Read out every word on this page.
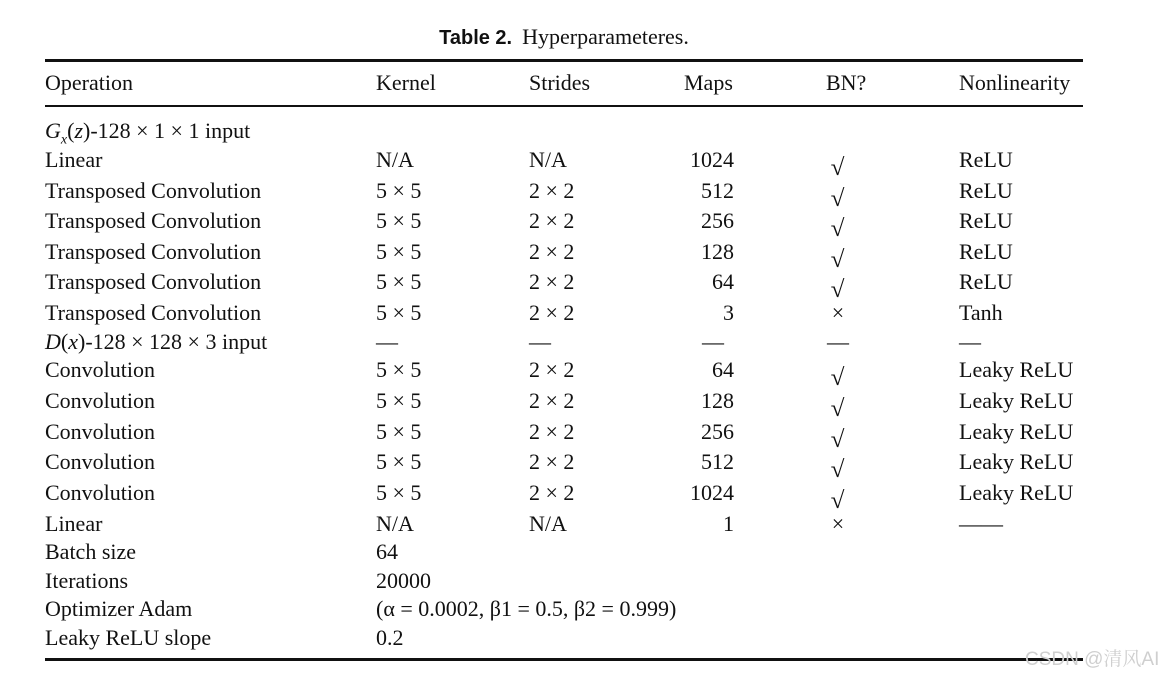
Table 2. Hyperparameteres.
Operation	Kernel	Strides	Maps	BN?	Nonlinearity
$G_x(z)-128 \times 1 \times 1$ input
Linear	N/A	N/A	1024	√	ReLU
Transposed Convolution	5 × 5	2 × 2	512	√	ReLU
Transposed Convolution	5 × 5	2 × 2	256	√	ReLU
Transposed Convolution	5 × 5	2 × 2	128	√	ReLU
Transposed Convolution	5 × 5	2 × 2	64	√	ReLU
Transposed Convolution	5 × 5	2 × 2	3	×	Tanh
D(x)-128 × 128 × 3 input	—	—	—	—	—
Convolution	5 × 5	2 × 2	64	√	Leaky ReLU
Convolution	5 × 5	2 × 2	128	√	Leaky ReLU
Convolution	5 × 5	2 × 2	256	√	Leaky ReLU
Convolution	5 × 5	2 × 2	512	√	Leaky ReLU
Convolution	5 × 5	2 × 2	1024	√	Leaky ReLU
Linear	N/A	N/A	1	×	——
Batch size	64
Iterations	20000
Optimizer Adam	(α = 0.0002, β1 = 0.5, β2 = 0.999)
Leaky ReLU slope	0.2
CSDN @清风AI
